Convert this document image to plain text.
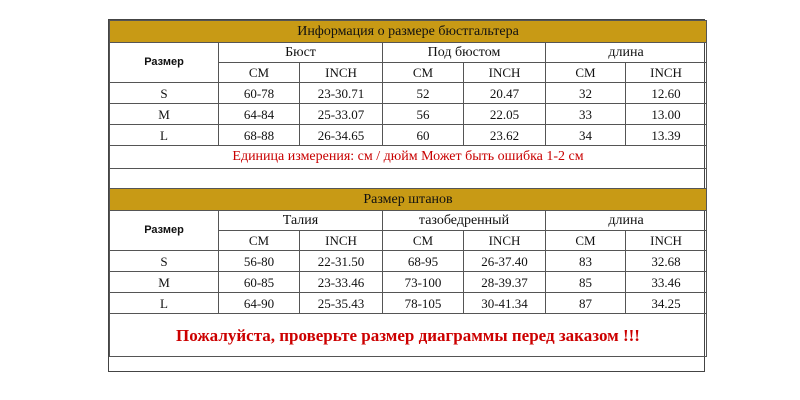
Информация о размере бюстгальтера						
Размер	Бюст		Под бюстом		длина	
	CM	INCH	CM	INCH	CM	INCH
S	60-78	23-30.71	52	20.47	32	12.60
M	64-84	25-33.07	56	22.05	33	13.00
L	68-88	26-34.65	60	23.62	34	13.39
Единица измерения: см / дюйм Может быть ошибка 1-2 см						

Размер штанов						
Размер	Талия		тазобедренный		длина	
	CM	INCH	CM	INCH	CM	INCH
S	56-80	22-31.50	68-95	26-37.40	83	32.68
M	60-85	23-33.46	73-100	28-39.37	85	33.46
L	64-90	25-35.43	78-105	30-41.34	87	34.25
Пожалуйста, проверьте размер диаграммы перед заказом !!!						
